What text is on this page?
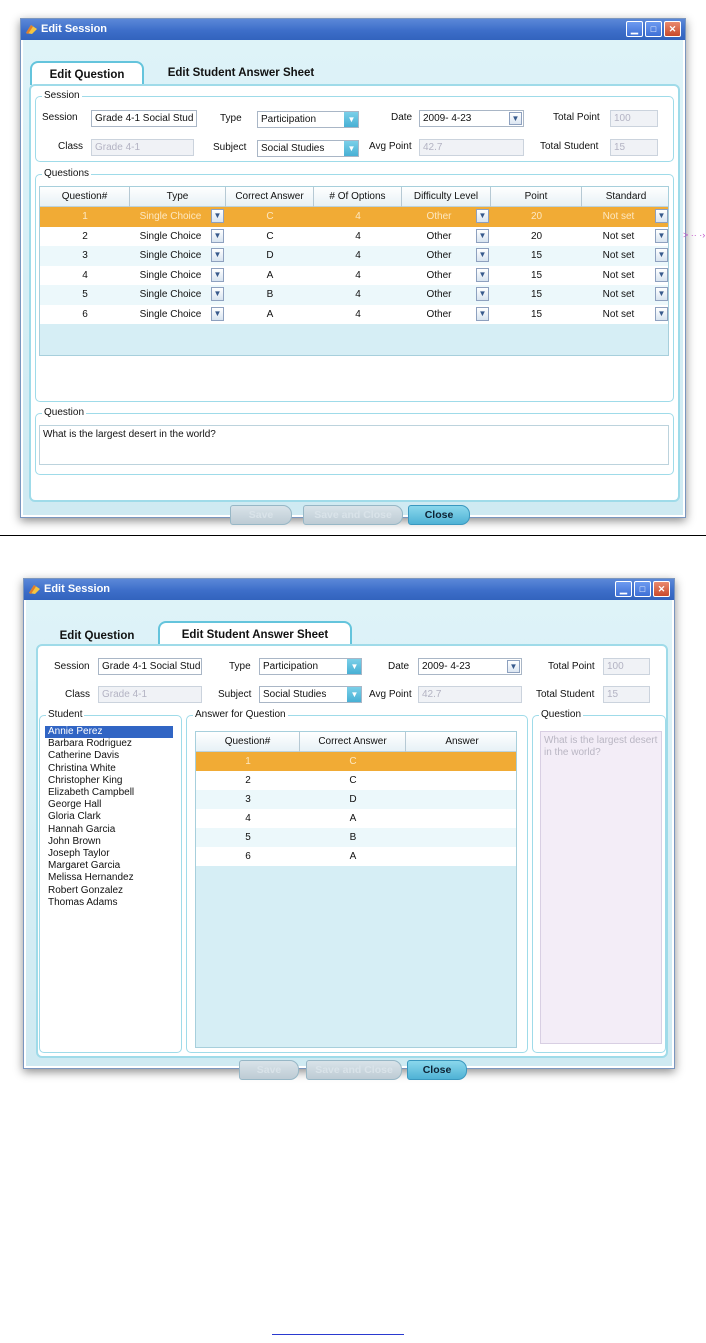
Edit Session	▁	□	✕
Edit Question	Edit Student Answer Sheet
Session
Session	Grade 4-1 Social Stud	Type	Participation	▼	Date	2009- 4-23	▼	Total Point	100
Class	Grade 4-1	Subject	Social Studies	▼	Avg Point	42.7	Total Student	15
Questions
Question#	Type	Correct Answer	# Of Options	Difficulty Level	Point	Standard
1	Single Choice	▼	C	4	Other	▼	20	Not set	▼
2	Single Choice	▼	C	4	Other	▼	20	Not set	▼
3	Single Choice	▼	D	4	Other	▼	15	Not set	▼
4	Single Choice	▼	A	4	Other	▼	15	Not set	▼
5	Single Choice	▼	B	4	Other	▼	15	Not set	▼
6	Single Choice	▼	A	4	Other	▼	15	Not set	▼
Question
What is the largest desert in the world?
Save	Save and Close	Close
> ·· ·›
Edit Session	▁	□	✕
Edit Question	Edit Student Answer Sheet
Session	Grade 4-1 Social Stud	Type	Participation	▼	Date	2009- 4-23	▼	Total Point	100
Class	Grade 4-1	Subject	Social Studies	▼	Avg Point	42.7	Total Student	15
Student
Annie Perez
Barbara Rodriguez
Catherine Davis
Christina White
Christopher King
Elizabeth Campbell
George Hall
Gloria Clark
Hannah Garcia
John Brown
Joseph Taylor
Margaret Garcia
Melissa Hernandez
Robert Gonzalez
Thomas Adams
Answer for Question
Question#	Correct Answer	Answer
1	C
2	C
3	D
4	A
5	B
6	A
Question
What is the largest desert in the world?
Save	Save and Close	Close
